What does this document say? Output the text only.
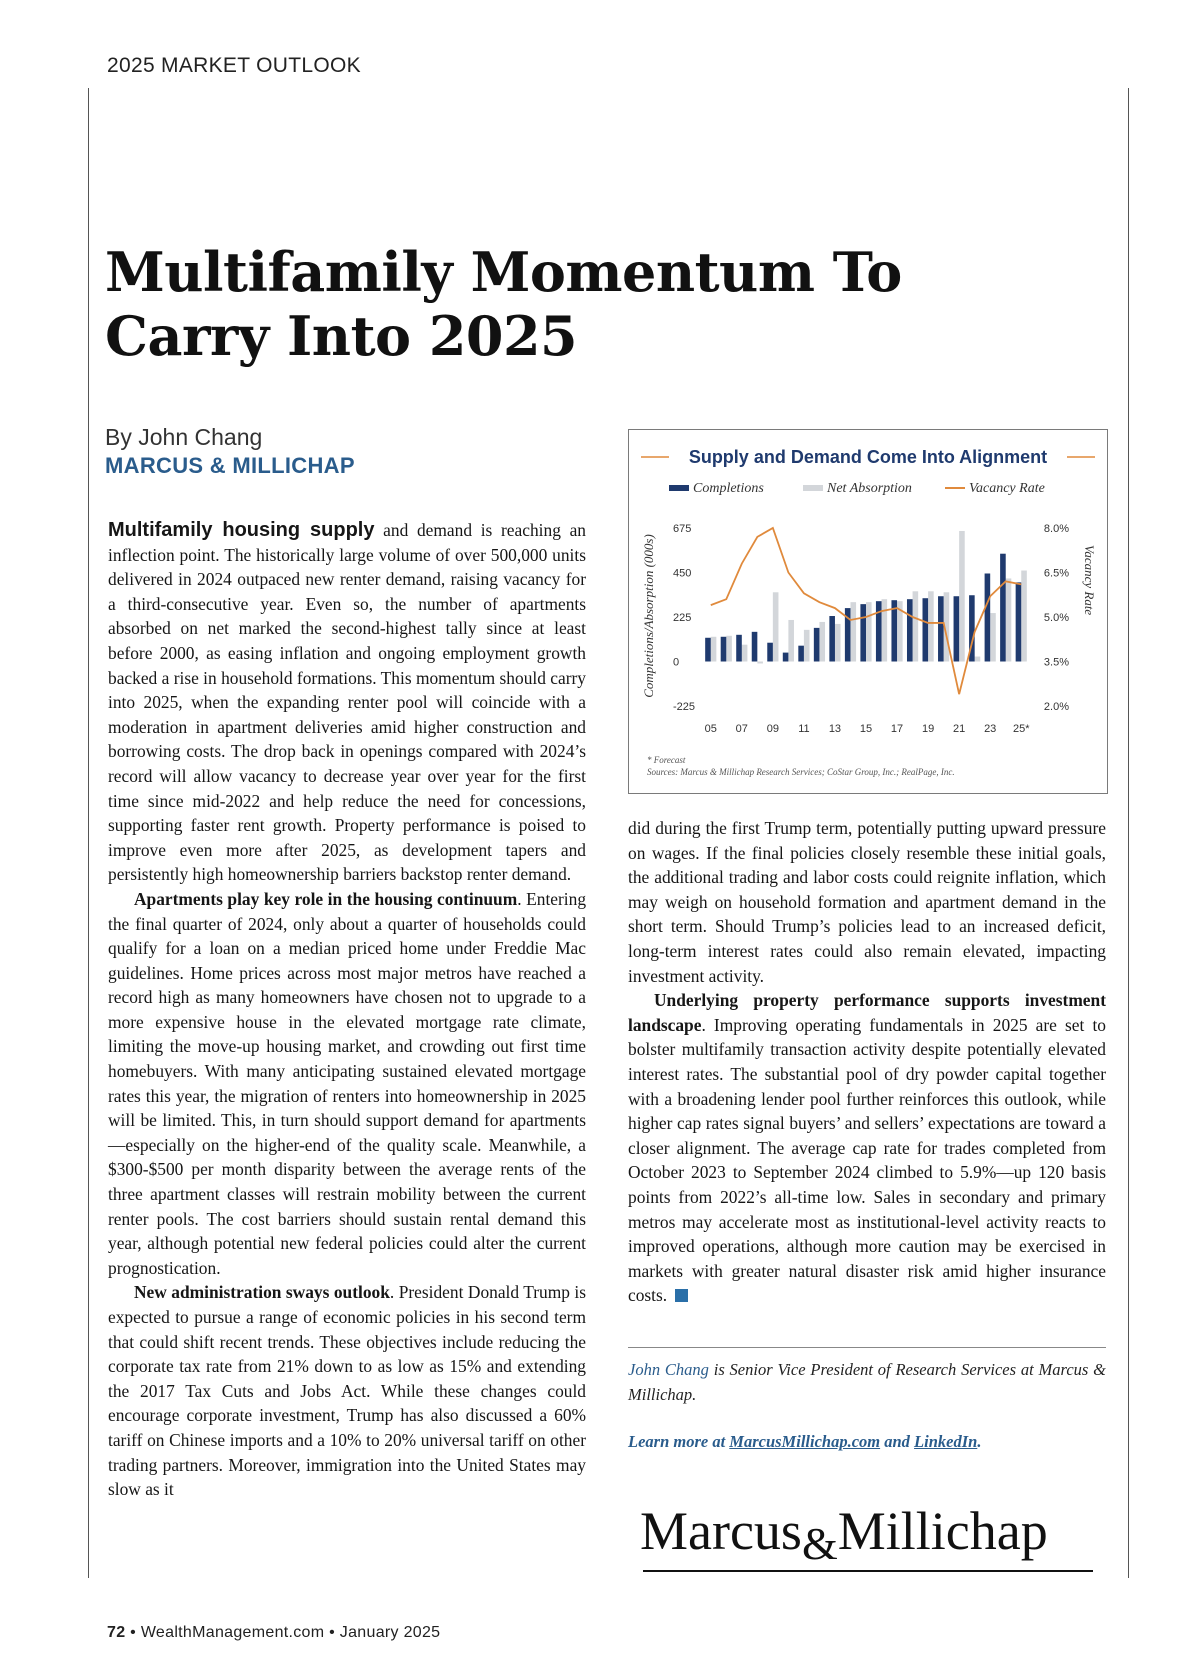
2025 MARKET OUTLOOK
Multifamily Momentum To Carry Into 2025
By John Chang
MARCUS & MILLICHAP

Multifamily housing supply and demand is reaching an inflection point. The historically large volume of over 500,000 units delivered in 2024 outpaced new renter demand, raising vacancy for a third-consecutive year. Even so, the number of apartments absorbed on net marked the second-highest tally since at least before 2000, as easing inflation and ongoing employment growth backed a rise in household formations. This momentum should carry into 2025, when the expanding renter pool will coincide with a moderation in apartment deliveries amid higher construction and borrowing costs. The drop back in openings compared with 2024’s record will allow vacancy to decrease year over year for the first time since mid-2022 and help reduce the need for concessions, supporting faster rent growth. Property performance is poised to improve even more after 2025, as development tapers and persistently high homeownership barriers backstop renter demand.

Apartments play key role in the housing continuum. Entering the final quarter of 2024, only about a quarter of households could qualify for a loan on a median priced home under Freddie Mac guidelines. Home prices across most major metros have reached a record high as many homeowners have chosen not to upgrade to a more expensive house in the elevated mortgage rate climate, limiting the move-up housing market, and crowding out first time homebuyers. With many anticipating sustained elevated mortgage rates this year, the migration of renters into homeownership in 2025 will be limited. This, in turn should support demand for apartments—especially on the higher-end of the quality scale. Meanwhile, a $300-$500 per month disparity between the average rents of the three apartment classes will restrain mobility between the current renter pools. The cost barriers should sustain rental demand this year, although potential new federal policies could alter the current prognostication.

New administration sways outlook. President Donald Trump is expected to pursue a range of economic policies in his second term that could shift recent trends. These objectives include reducing the corporate tax rate from 21% down to as low as 15% and extending the 2017 Tax Cuts and Jobs Act. While these changes could encourage corporate investment, Trump has also discussed a 60% tariff on Chinese imports and a 10% to 20% universal tariff on other trading partners. Moreover, immigration into the United States may slow as it

Supply and Demand Come Into Alignment
Completions	Net Absorption	Vacancy Rate
Completions/Absorption (000s)	Vacancy Rate
675
450
225
0
-225
8.0%
6.5%
5.0%
3.5%
2.0%
05 07 09 11 13 15 17 19 21 23 25*
* Forecast
Sources: Marcus & Millichap Research Services; CoStar Group, Inc.; RealPage, Inc.

did during the first Trump term, potentially putting upward pressure on wages. If the final policies closely resemble these initial goals, the additional trading and labor costs could reignite inflation, which may weigh on household formation and apartment demand in the short term. Should Trump’s policies lead to an increased deficit, long-term interest rates could also remain elevated, impacting investment activity.

Underlying property performance supports investment landscape. Improving operating fundamentals in 2025 are set to bolster multifamily transaction activity despite potentially elevated interest rates. The substantial pool of dry powder capital together with a broadening lender pool further reinforces this outlook, while higher cap rates signal buyers’ and sellers’ expectations are toward a closer alignment. The average cap rate for trades completed from October 2023 to September 2024 climbed to 5.9%—up 120 basis points from 2022’s all-time low. Sales in secondary and primary metros may accelerate most as institutional-level activity reacts to improved operations, although more caution may be exercised in markets with greater natural disaster risk amid higher insurance costs.

John Chang is Senior Vice President of Research Services at Marcus & Millichap.
Learn more at MarcusMillichap.com and LinkedIn.
Marcus&Millichap
72 • WealthManagement.com • January 2025
